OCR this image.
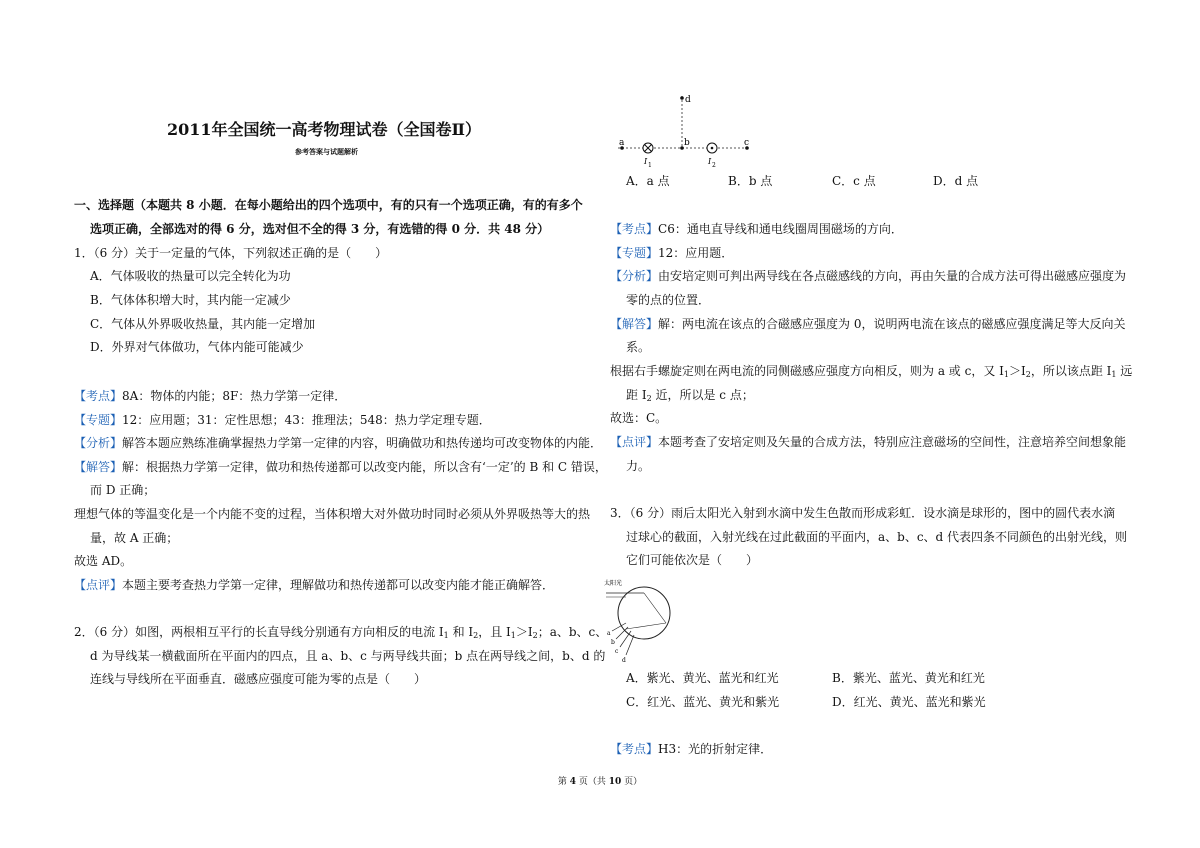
2011年全国统一高考物理试卷（全国卷Ⅱ）
参考答案与试题解析
一、选择题（本题共 8 小题．在每小题给出的四个选项中，有的只有一个选项正确，有的有多个
选项正确，全部选对的得 6 分，选对但不全的得 3 分，有选错的得 0 分．共 48 分）
1．（6 分）关于一定量的气体，下列叙述正确的是（　　）
A．气体吸收的热量可以完全转化为功
B．气体体积增大时，其内能一定减少
C．气体从外界吸收热量，其内能一定增加
D．外界对气体做功，气体内能可能减少
【考点】8A：物体的内能；8F：热力学第一定律．
【专题】12：应用题；31：定性思想；43：推理法；548：热力学定理专题．
【分析】解答本题应熟练准确掌握热力学第一定律的内容，明确做功和热传递均可改变物体的内能．
【解答】解：根据热力学第一定律，做功和热传递都可以改变内能，所以含有‘一定’的 B 和 C 错误，
而 D 正确；
理想气体的等温变化是一个内能不变的过程，当体积增大对外做功时同时必须从外界吸热等大的热
量，故 A 正确；
故选 AD。
【点评】本题主要考查热力学第一定律，理解做功和热传递都可以改变内能才能正确解答．
2．（6 分）如图，两根相互平行的长直导线分别通有方向相反的电流 $I_1$ 和 $I_2$，且 $I_1>I_2$；a、b、c、
d 为导线某一横截面所在平面内的四点，且 a、b、c 与两导线共面；b 点在两导线之间，b、d 的
连线与导线所在平面垂直．磁感应强度可能为零的点是（　　）
d
a	b	c
I 1	I 2
A．a 点	B．b 点	C．c 点	D．d 点
【考点】C6：通电直导线和通电线圈周围磁场的方向．
【专题】12：应用题．
【分析】由安培定则可判出两导线在各点磁感线的方向，再由矢量的合成方法可得出磁感应强度为
零的点的位置．
【解答】解：两电流在该点的合磁感应强度为 0，说明两电流在该点的磁感应强度满足等大反向关
系。
根据右手螺旋定则在两电流的同侧磁感应强度方向相反，则为 a 或 c，又 $I_1>I_2$，所以该点距 $I_1$ 远
距 $I_2$ 近，所以是 c 点；
故选：C。
【点评】本题考查了安培定则及矢量的合成方法，特别应注意磁场的空间性，注意培养空间想象能
力。
3．（6 分）雨后太阳光入射到水滴中发生色散而形成彩虹．设水滴是球形的，图中的圆代表水滴
过球心的截面，入射光线在过此截面的平面内，a、b、c、d 代表四条不同颜色的出射光线，则
它们可能依次是（　　）
太阳光
a
b
c
d
A．紫光、黄光、蓝光和红光	B．紫光、蓝光、黄光和红光
C．红光、蓝光、黄光和紫光	D．红光、黄光、蓝光和紫光
【考点】H3：光的折射定律．
第 4 页（共 10 页）
